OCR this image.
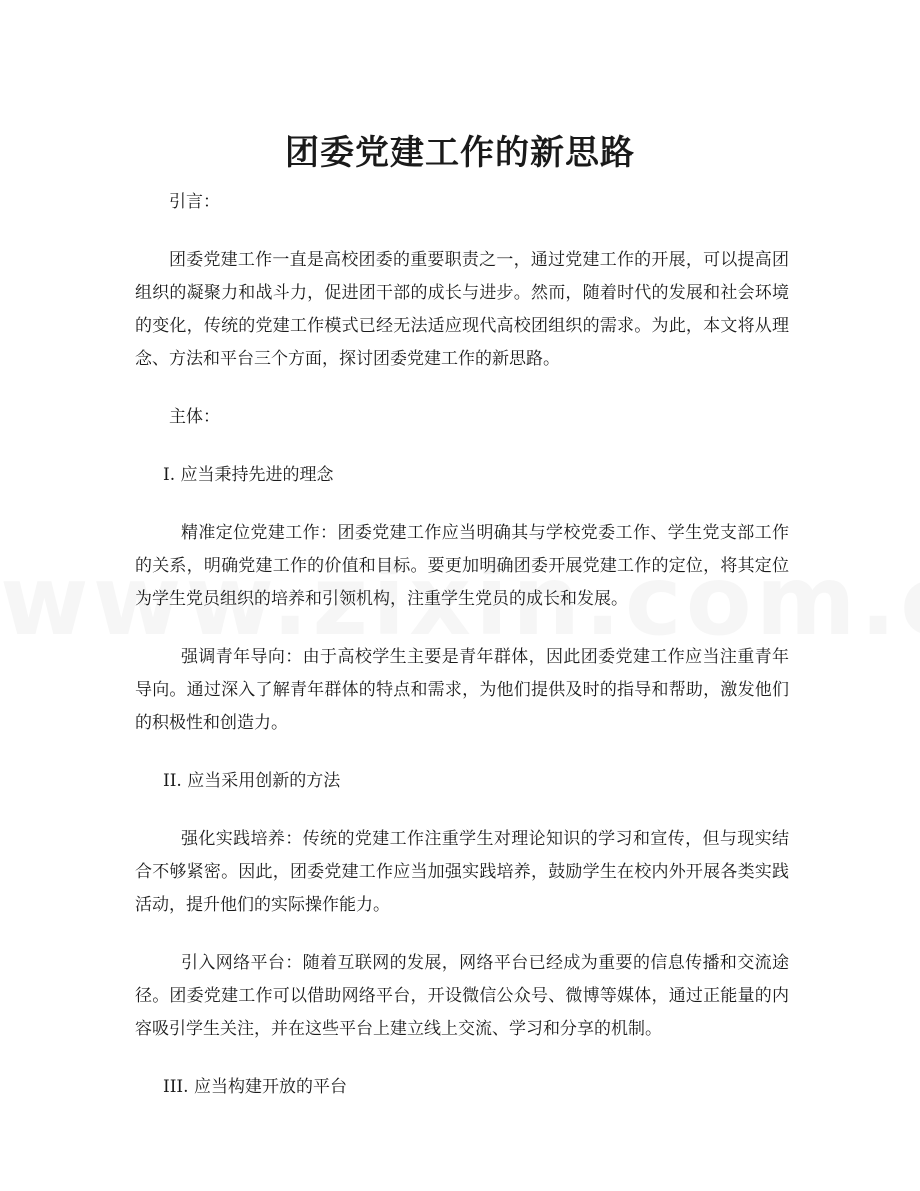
团委党建工作的新思路

引言：

团委党建工作一直是高校团委的重要职责之一，通过党建工作的开展，可以提高团组织的凝聚力和战斗力，促进团干部的成长与进步。然而，随着时代的发展和社会环境的变化，传统的党建工作模式已经无法适应现代高校团组织的需求。为此，本文将从理念、方法和平台三个方面，探讨团委党建工作的新思路。

主体：

I. 应当秉持先进的理念

精准定位党建工作：团委党建工作应当明确其与学校党委工作、学生党支部工作的关系，明确党建工作的价值和目标。要更加明确团委开展党建工作的定位，将其定位为学生党员组织的培养和引领机构，注重学生党员的成长和发展。

强调青年导向：由于高校学生主要是青年群体，因此团委党建工作应当注重青年导向。通过深入了解青年群体的特点和需求，为他们提供及时的指导和帮助，激发他们的积极性和创造力。

II. 应当采用创新的方法

强化实践培养：传统的党建工作注重学生对理论知识的学习和宣传，但与现实结合不够紧密。因此，团委党建工作应当加强实践培养，鼓励学生在校内外开展各类实践活动，提升他们的实际操作能力。

引入网络平台：随着互联网的发展，网络平台已经成为重要的信息传播和交流途径。团委党建工作可以借助网络平台，开设微信公众号、微博等媒体，通过正能量的内容吸引学生关注，并在这些平台上建立线上交流、学习和分享的机制。

III. 应当构建开放的平台
